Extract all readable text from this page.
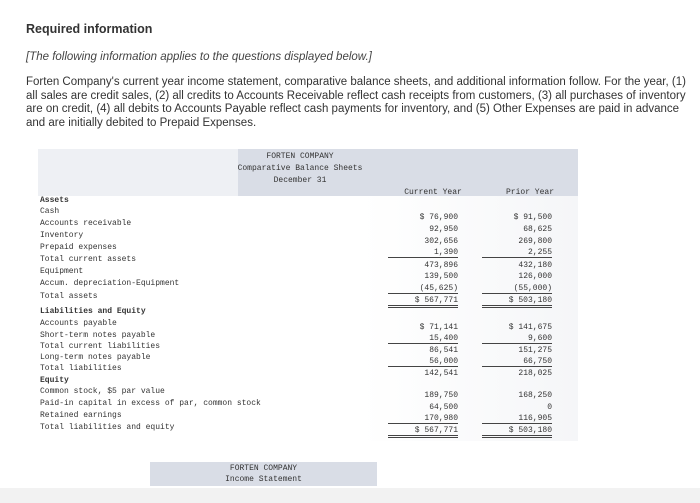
Required information
[The following information applies to the questions displayed below.]
Forten Company's current year income statement, comparative balance sheets, and additional information follow. For the year, (1) all sales are credit sales, (2) all credits to Accounts Receivable reflect cash receipts from customers, (3) all purchases of inventory are on credit, (4) all debits to Accounts Payable reflect cash payments for inventory, and (5) Other Expenses are paid in advance and are initially debited to Prepaid Expenses.
FORTEN COMPANY
Comparative Balance Sheets
December 31
Current Year	Prior Year
Assets
Cash
$ 76,900	$ 91,500
Accounts receivable
92,950	68,625
Inventory
302,656	269,800
Prepaid expenses
1,390	2,255
Total current assets
473,896	432,180
Equipment
139,500	126,000
Accum. depreciation-Equipment
(45,625)	(55,000)
Total assets	$ 567,771	$ 503,180
Liabilities and Equity
Accounts payable	$ 71,141	$ 141,675
Short-term notes payable	15,400	9,600
Total current liabilities	86,541	151,275
Long-term notes payable	56,000	66,750
Total liabilities
142,541	218,025
Equity
Common stock, $5 par value	189,750	168,250
Paid-in capital in excess of par, common stock	64,500	0
Retained earnings	170,980	116,905
Total liabilities and equity	$ 567,771	$ 503,180
FORTEN COMPANY
Income Statement
